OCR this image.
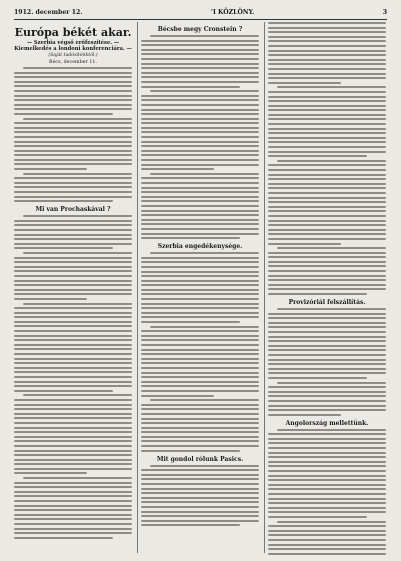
1912. december 12.	’I KÖZLÖNY.	3
Európa békét akar.
— Szerbia végső erőfeszítése. — Kiemelkedés a londoni konferenciára. —
(Saját tudósítónktól.)
Bécs, december 11.
Mi van Prochaskával ?
Bécsbe megy Cronstein ?
Szerbia engedékenysége.
Mit gondol rólunk Pasics.
Provizóriál felszállítás.
Angolország mellettünk.
